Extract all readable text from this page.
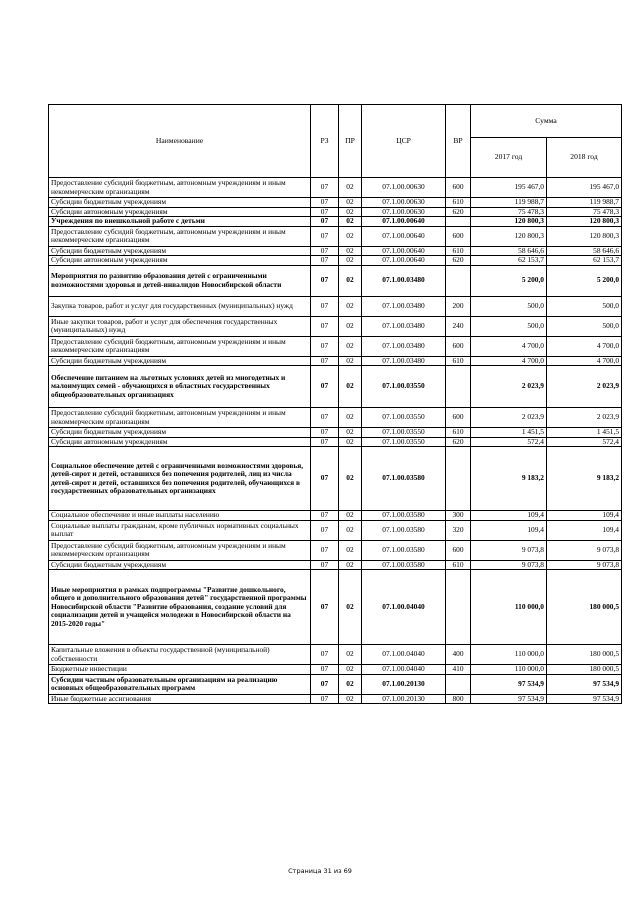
Наименование	РЗ	ПР	ЦСР	ВР	Сумма	
					2017 год	2018 год
Предоставление субсидий бюджетным, автономным учреждениям и иным некоммерческим организациям	07	02	07.1.00.00630	600	195 467,0	195 467,0
Субсидии бюджетным учреждениям	07	02	07.1.00.00630	610	119 988,7	119 988,7
Субсидии автономным учреждениям	07	02	07.1.00.00630	620	75 478,3	75 478,3
Учреждения по внешкольной работе с детьми	07	02	07.1.00.00640		120 800,3	120 800,3
Предоставление субсидий бюджетным, автономным учреждениям и иным некоммерческим организациям	07	02	07.1.00.00640	600	120 800,3	120 800,3
Субсидии бюджетным учреждениям	07	02	07.1.00.00640	610	58 646,6	58 646,6
Субсидии автономным учреждениям	07	02	07.1.00.00640	620	62 153,7	62 153,7
Мероприятия по развитию образования детей с ограниченными возможностями здоровья и детей-инвалидов Новосибирской области	07	02	07.1.00.03480		5 200,0	5 200,0
Закупка товаров, работ и услуг для государственных (муниципальных) нужд	07	02	07.1.00.03480	200	500,0	500,0
Иные закупки товаров, работ и услуг для обеспечения государственных (муниципальных) нужд	07	02	07.1.00.03480	240	500,0	500,0
Предоставление субсидий бюджетным, автономным учреждениям и иным некоммерческим организациям	07	02	07.1.00.03480	600	4 700,0	4 700,0
Субсидии бюджетным учреждениям	07	02	07.1.00.03480	610	4 700,0	4 700,0
Обеспечение питанием на льготных условиях детей из многодетных и малоимущих семей - обучающихся в областных государственных общеобразовательных организациях	07	02	07.1.00.03550		2 023,9	2 023,9
Предоставление субсидий бюджетным, автономным учреждениям и иным некоммерческим организациям	07	02	07.1.00.03550	600	2 023,9	2 023,9
Субсидии бюджетным учреждениям	07	02	07.1.00.03550	610	1 451,5	1 451,5
Субсидии автономным учреждениям	07	02	07.1.00.03550	620	572,4	572,4
Социальное обеспечение детей с ограниченными возможностями здоровья, детей-сирот и детей, оставшихся без попечения родителей, лиц из числа детей-сирот и детей, оставшихся без попечения родителей, обучающихся в государственных образовательных организациях	07	02	07.1.00.03580		9 183,2	9 183,2
Социальное обеспечение и иные выплаты населению	07	02	07.1.00.03580	300	109,4	109,4
Социальные выплаты гражданам, кроме публичных нормативных социальных выплат	07	02	07.1.00.03580	320	109,4	109,4
Предоставление субсидий бюджетным, автономным учреждениям и иным некоммерческим организациям	07	02	07.1.00.03580	600	9 073,8	9 073,8
Субсидии бюджетным учреждениям	07	02	07.1.00.03580	610	9 073,8	9 073,8
Иные мероприятия в рамках подпрограммы "Развитие дошкольного, общего и дополнительного образования детей" государственной программы Новосибирской области "Развитие образования, создание условий для социализации детей и учащейся молодежи в Новосибирской области на 2015-2020 годы"	07	02	07.1.00.04040		110 000,0	180 000,5
Капитальные вложения в объекты государственной (муниципальной) собственности	07	02	07.1.00.04040	400	110 000,0	180 000,5
Бюджетные инвестиции	07	02	07.1.00.04040	410	110 000,0	180 000,5
Субсидии частным образовательным организациям на реализацию основных общеобразовательных программ	07	02	07.1.00.20130		97 534,9	97 534,9
Иные бюджетные ассигнования	07	02	07.1.00.20130	800	97 534,9	97 534,9
Страница 31 из 69
